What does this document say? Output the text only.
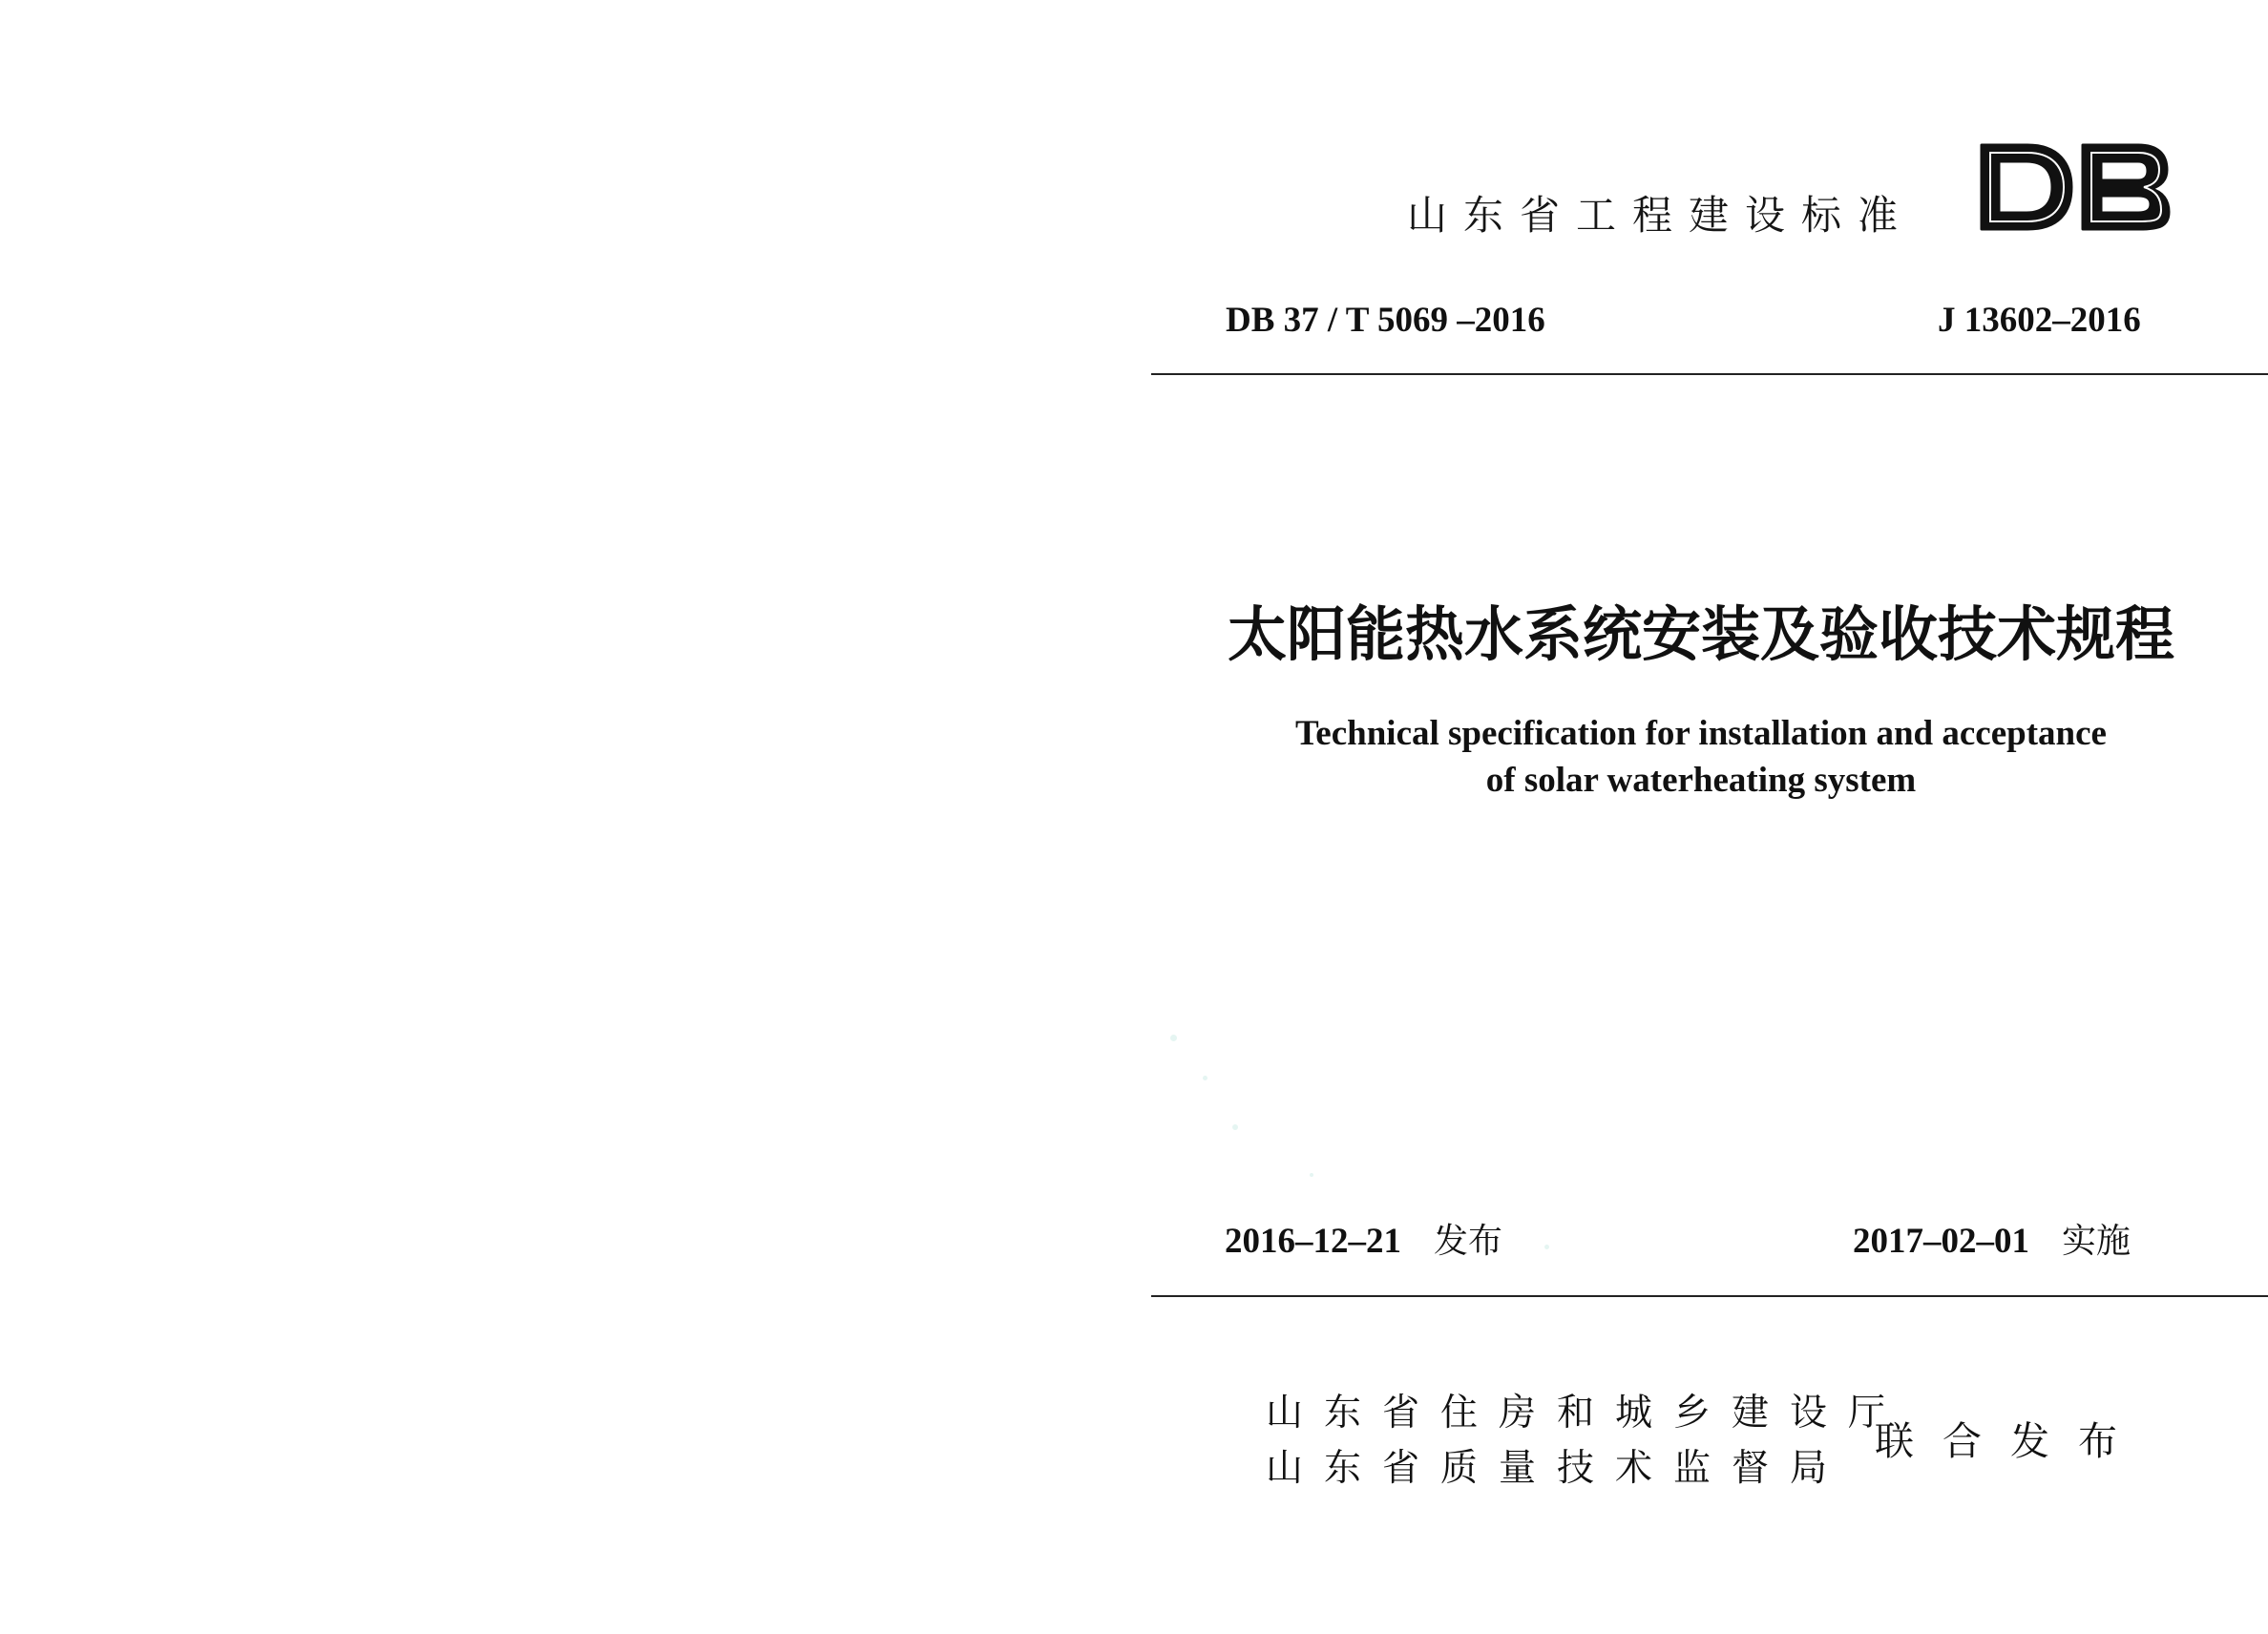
山东省工程建设标准
DB 37 / T 5069 –2016	J 13602–2016
太阳能热水系统安装及验收技术规程
Technical specification for installation and acceptance
of solar waterheating system
2016–12–21 发布	2017–02–01 实施
山东省住房和城乡建设厅
山东省质量技术监督局
联合发布
